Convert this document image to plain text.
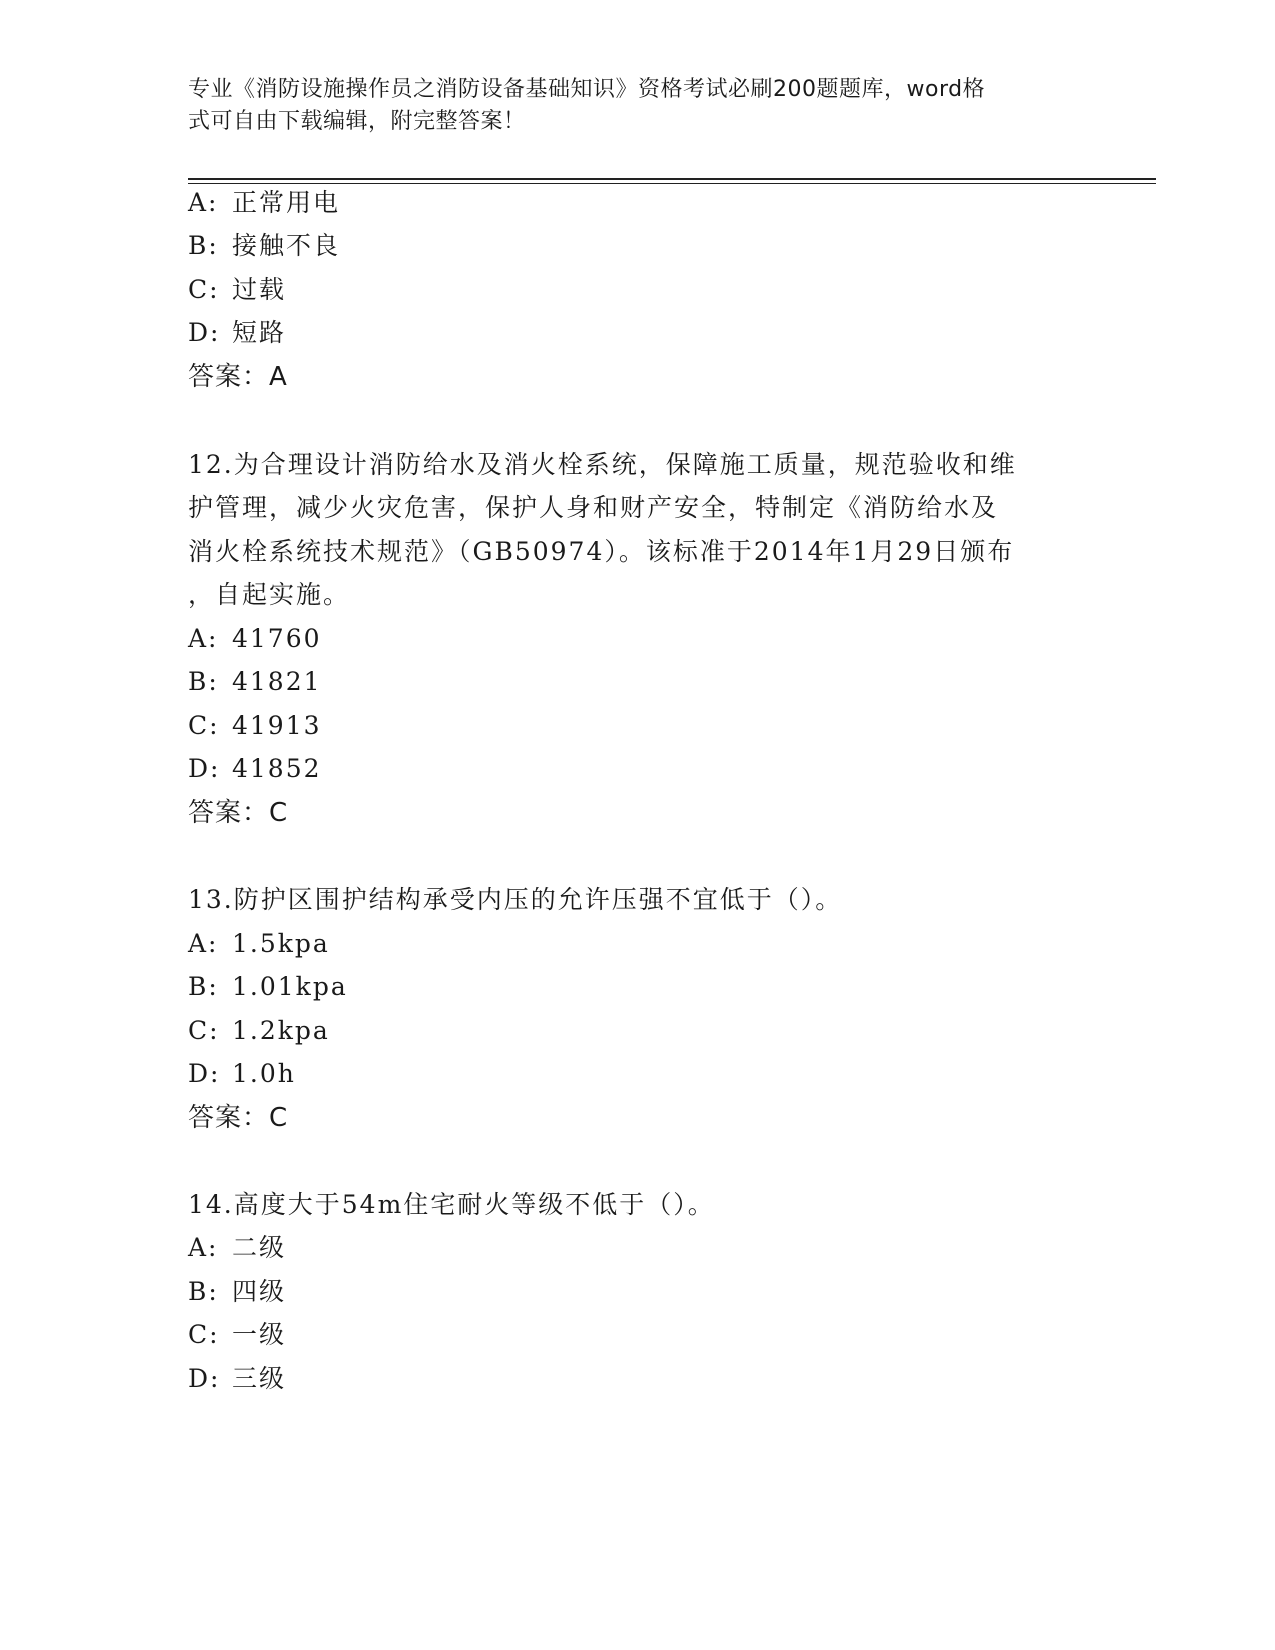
专业《消防设施操作员之消防设备基础知识》资格考试必刷200题题库，word格
式可自由下载编辑，附完整答案！
A: 正常用电
B: 接触不良
C: 过载
D: 短路
答案：A
12.为合理设计消防给水及消火栓系统，保障施工质量，规范验收和维
护管理，减少火灾危害，保护人身和财产安全，特制定《消防给水及
消火栓系统技术规范》（GB50974）。该标准于2014年1月29日颁布
，自起实施。
A: 41760
B: 41821
C: 41913
D: 41852
答案：C
13.防护区围护结构承受内压的允许压强不宜低于（）。
A: 1.5kpa
B: 1.01kpa
C: 1.2kpa
D: 1.0h
答案：C
14.高度大于54m住宅耐火等级不低于（）。
A: 二级
B: 四级
C: 一级
D: 三级
